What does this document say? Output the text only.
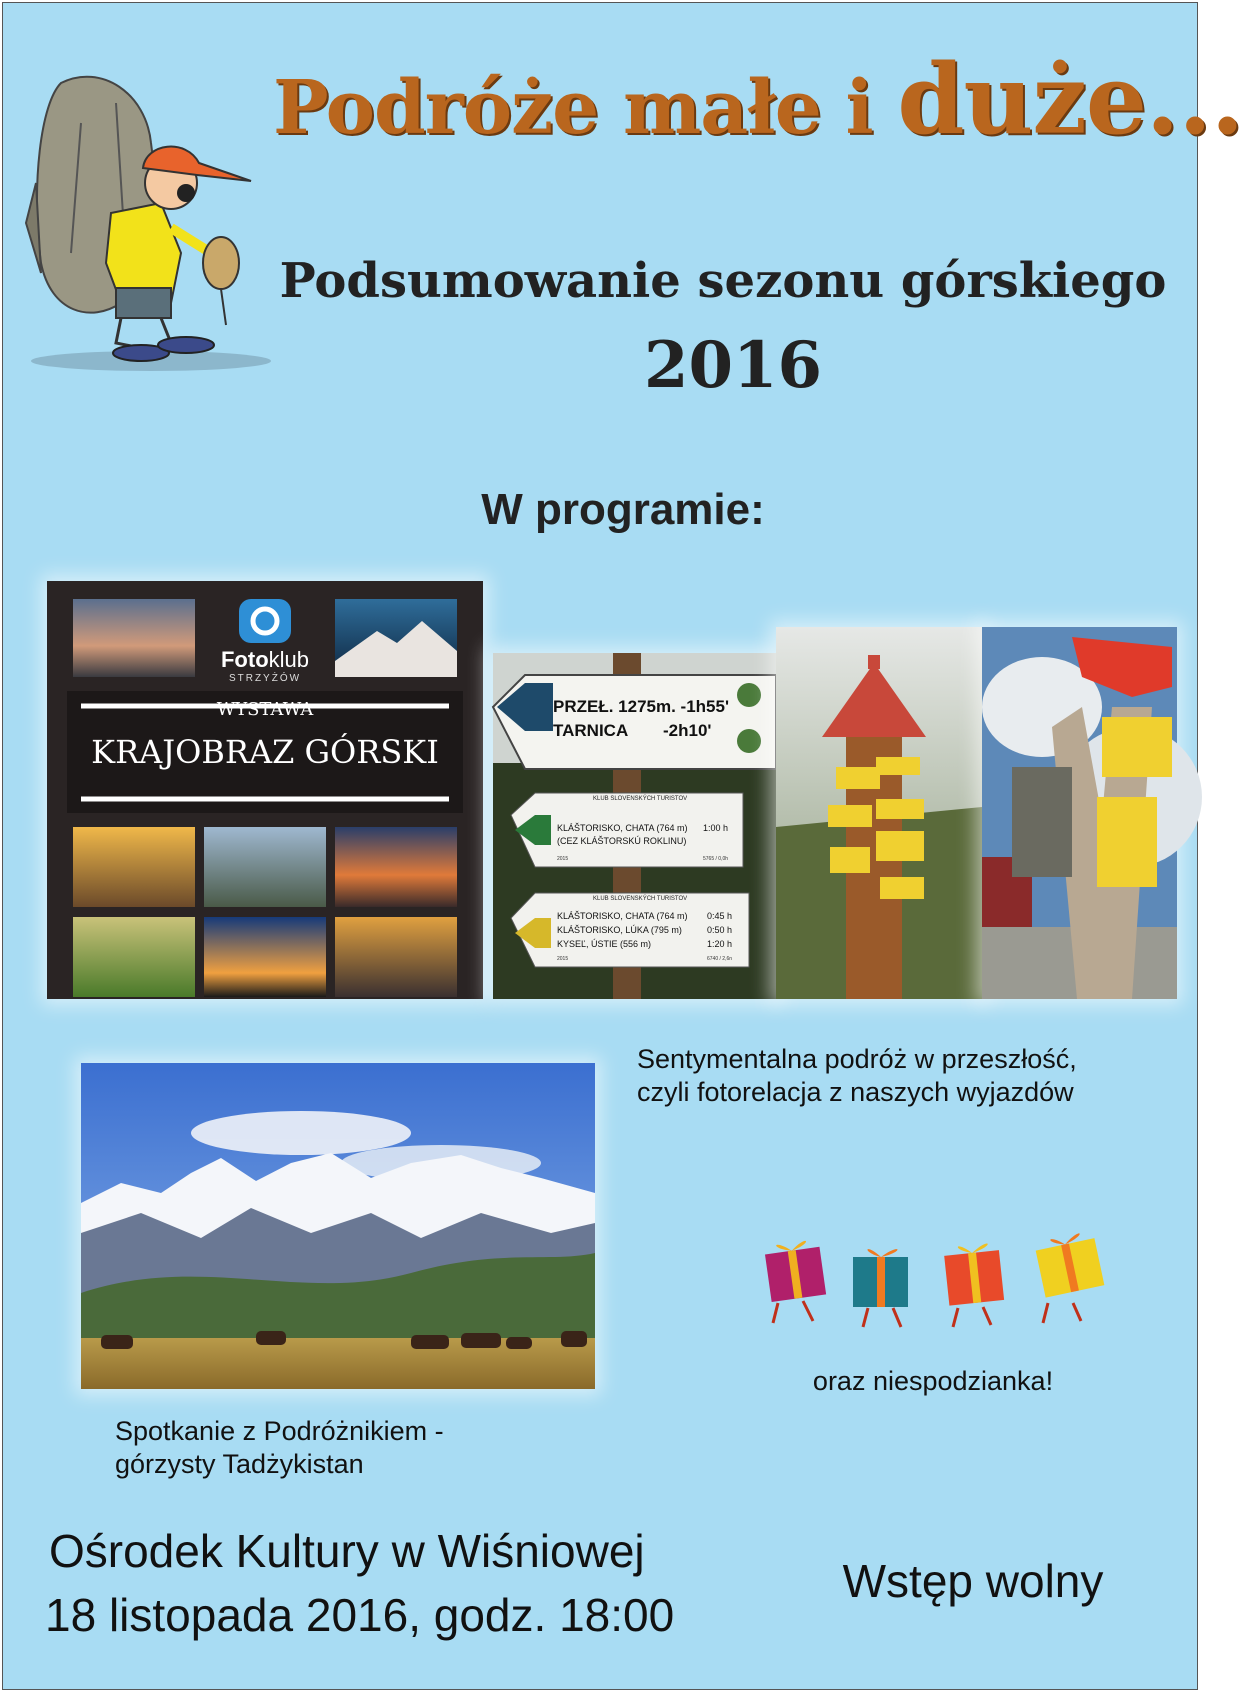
Podróże małe i duże...
Podsumowanie sezonu górskiego
2016
W programie:
Fotoklub
STRZYŻÓW
WYSTAWA
KRAJOBRAZ GÓRSKI
PRZEŁ. 1275m. -1h55'
TARNICA -2h10'
KLUB SLOVENSKÝCH TURISTOV
KLÁŠTORISKO, CHATA (764 m) 1:00 h
(CEZ KLÁŠTORSKÚ ROKLINU)
2015	5765 / 0,0h
KLUB SLOVENSKÝCH TURISTOV
KLÁŠTORISKO, CHATA (764 m) 0:45 h
KLÁŠTORISKO, LÚKA (795 m)	0:50 h
KYSEĽ, ÚSTIE (556 m)	1:20 h
2015	6740 / 2,6n
Sentymentalna podróż w przeszłość,
czyli fotorelacja z naszych wyjazdów
Spotkanie z Podróżnikiem -
górzysty Tadżykistan
oraz niespodzianka!
Ośrodek Kultury w Wiśniowej
18 listopada 2016, godz. 18:00
Wstęp wolny
